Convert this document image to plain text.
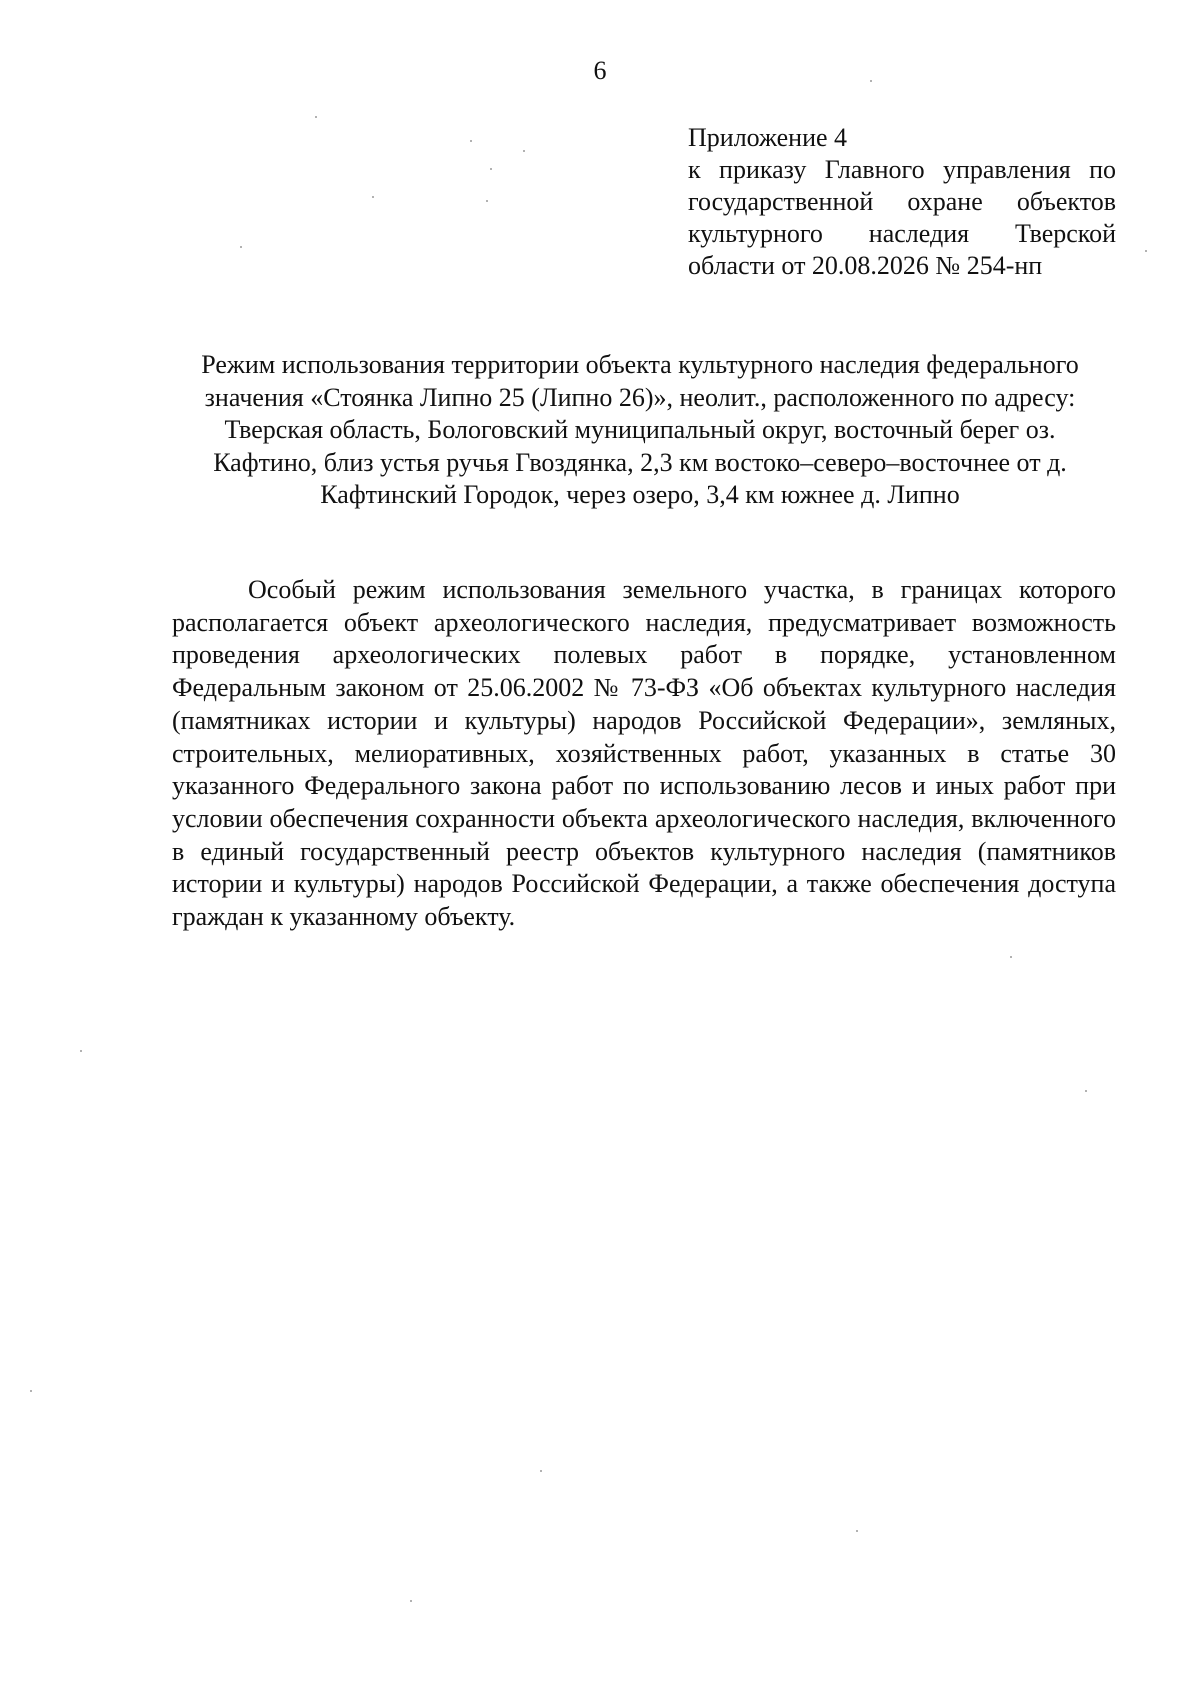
6
Приложение 4
к приказу Главного управления по государственной охране объектов культурного наследия Тверской области от 20.08.2026 № 254-нп
Режим использования территории объекта культурного наследия федерального значения «Стоянка Липно 25 (Липно 26)», неолит., расположенного по адресу: Тверская область, Бологовский муниципальный округ, восточный берег оз. Кафтино, близ устья ручья Гвоздянка, 2,3 км востоко–северо–восточнее от д. Кафтинский Городок, через озеро, 3,4 км южнее д. Липно

Особый режим использования земельного участка, в границах которого располагается объект археологического наследия, предусматривает возможность проведения археологических полевых работ в порядке, установленном Федеральным законом от 25.06.2002 № 73-ФЗ «Об объектах культурного наследия (памятниках истории и культуры) народов Российской Федерации», земляных, строительных, мелиоративных, хозяйственных работ, указанных в статье 30 указанного Федерального закона работ по использованию лесов и иных работ при условии обеспечения сохранности объекта археологического наследия, включенного в единый государственный реестр объектов культурного наследия (памятников истории и культуры) народов Российской Федерации, а также обеспечения доступа граждан к указанному объекту.
